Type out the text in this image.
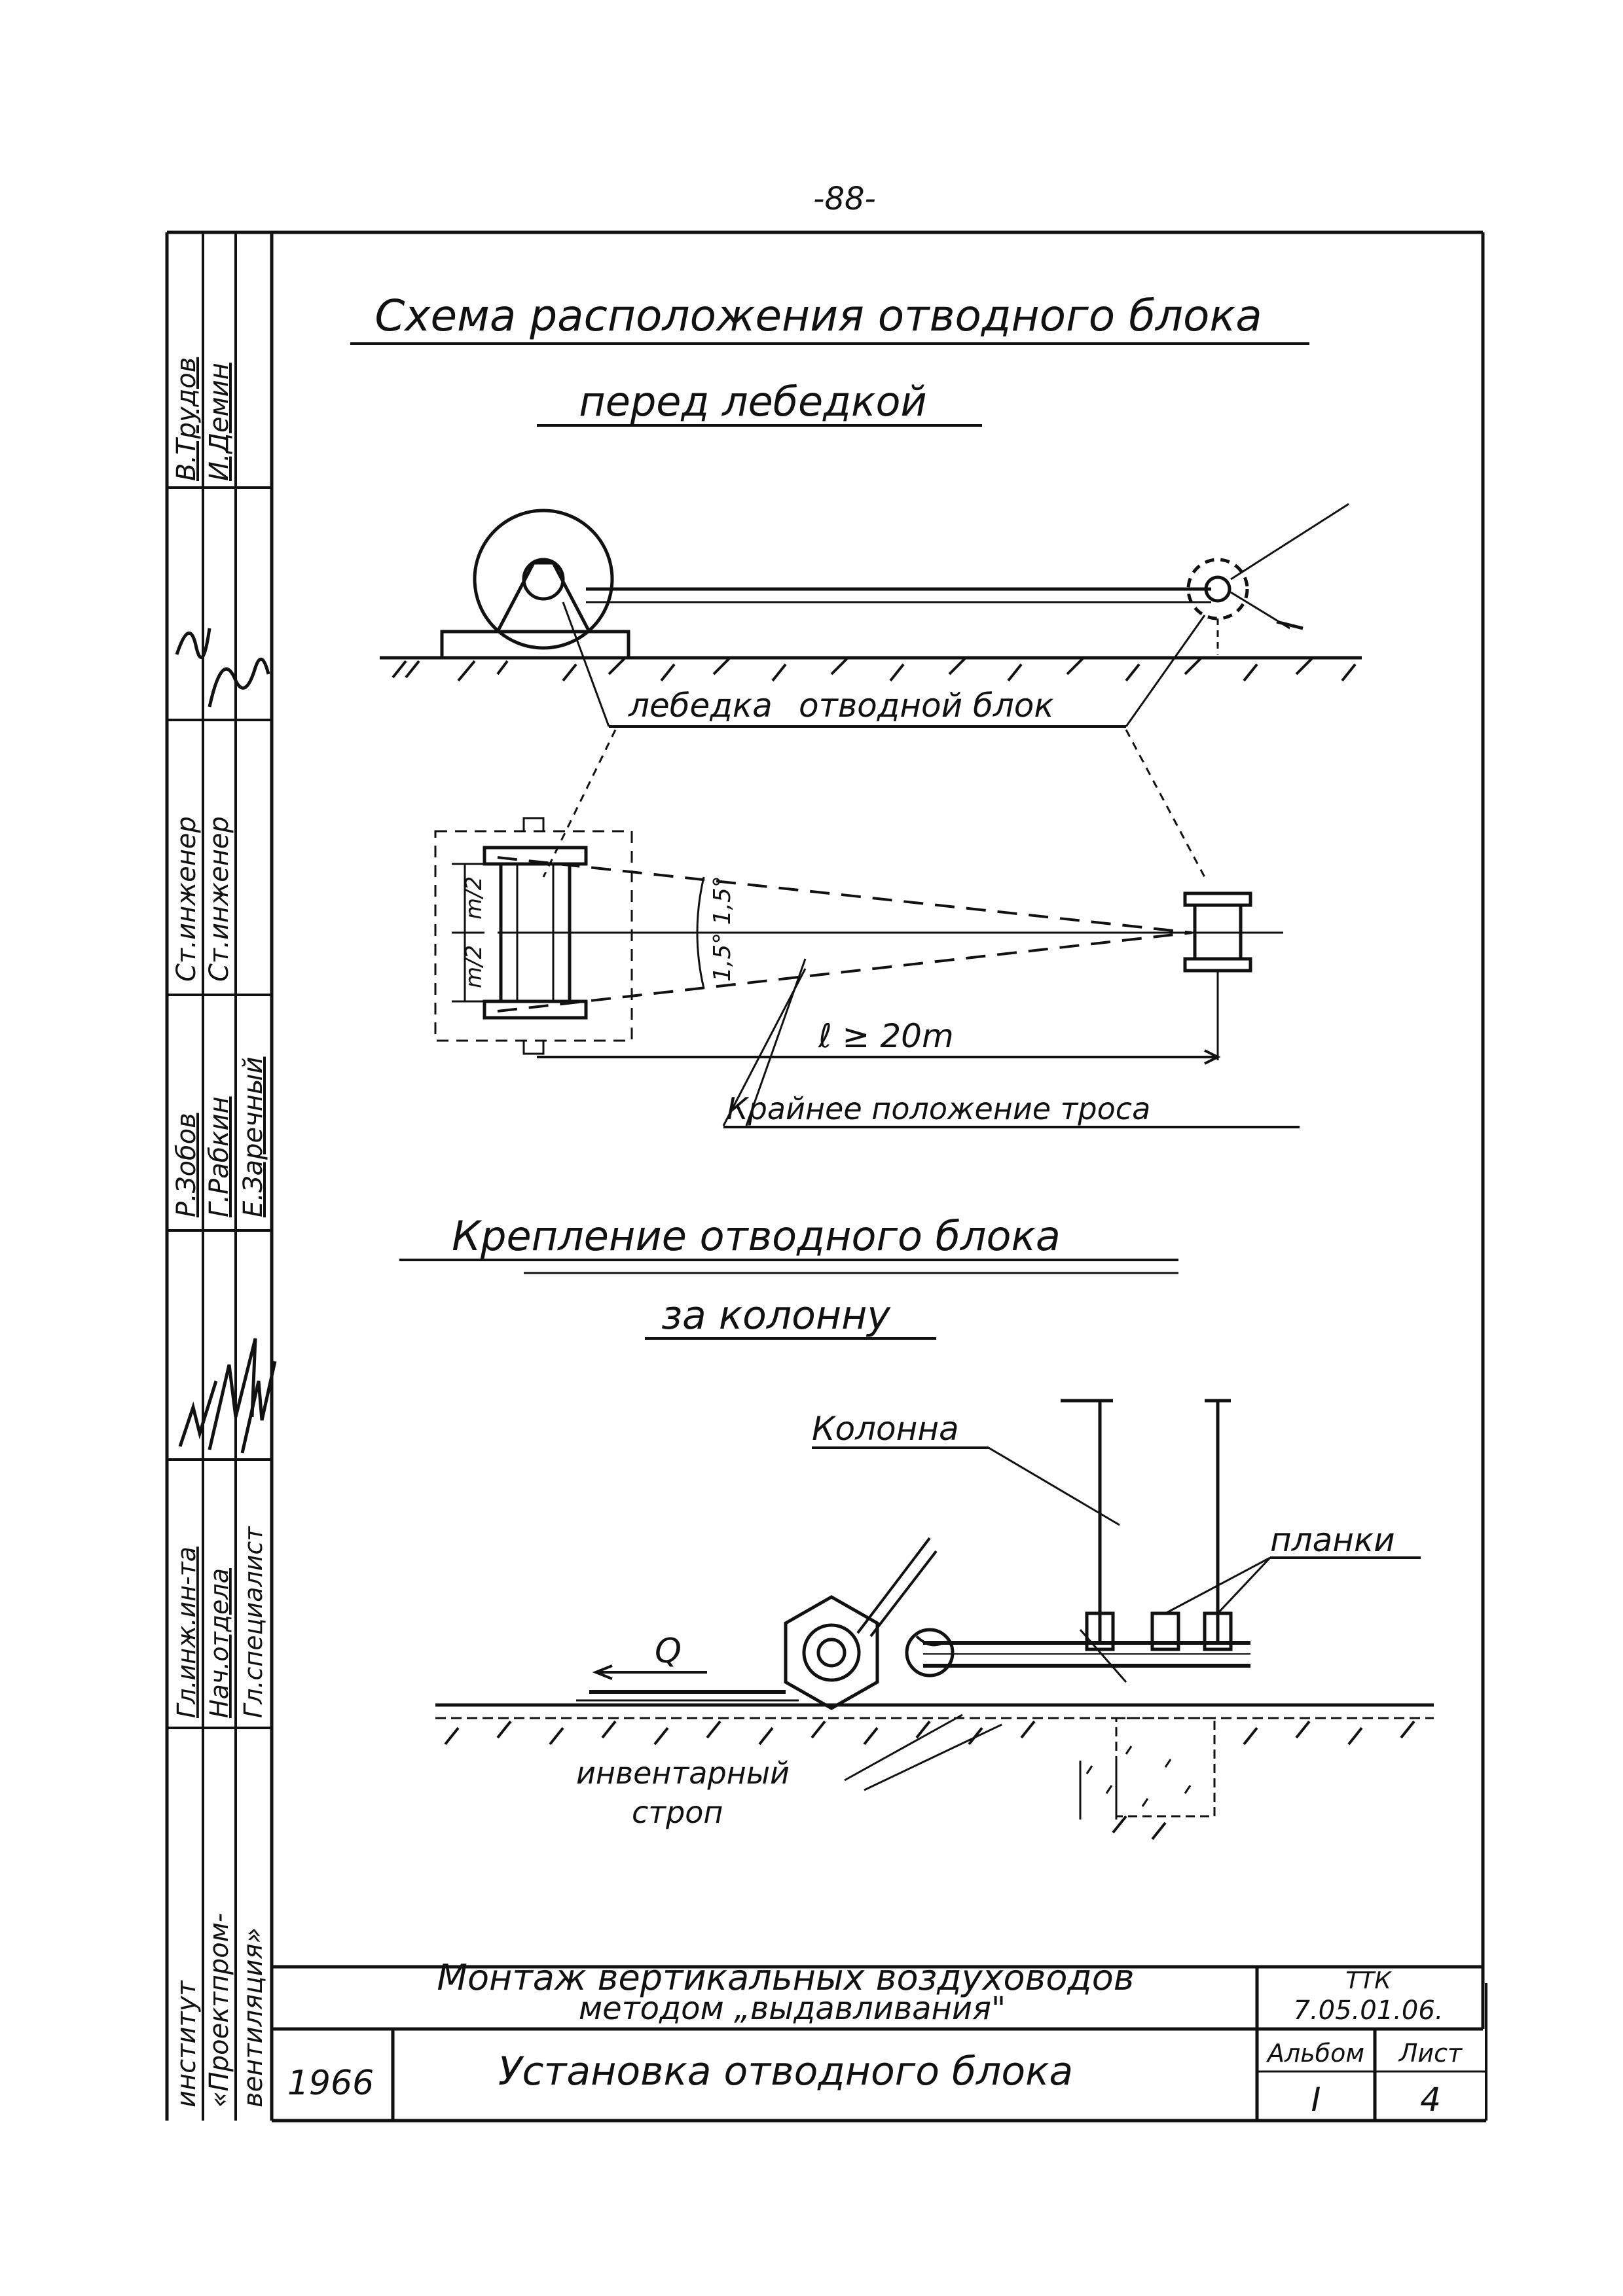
-88-
институт «Проектпром- вентиляция»
Гл.инж.ин-та Нач.отдела Гл.специалист
Р.Зобов Г.Рабкин Е.Заречный
Ст.инженер Ст.инженер
В.Трудов И.Демин
Схема расположения отводного блока
перед лебедкой
лебедка отводной блок
m/2
m/2	1,5° 1,5°
ℓ ≥ 20m
Крайнее положение троса
Крепление отводного блока
за колонну
Колонна
планки
Q
инвентарный
строп
Монтаж вертикальных воздуховодов
методом „выдавливания"
ТТК
7.05.01.06.
1966	Установка отводного блока	Альбом Лист
I	4
